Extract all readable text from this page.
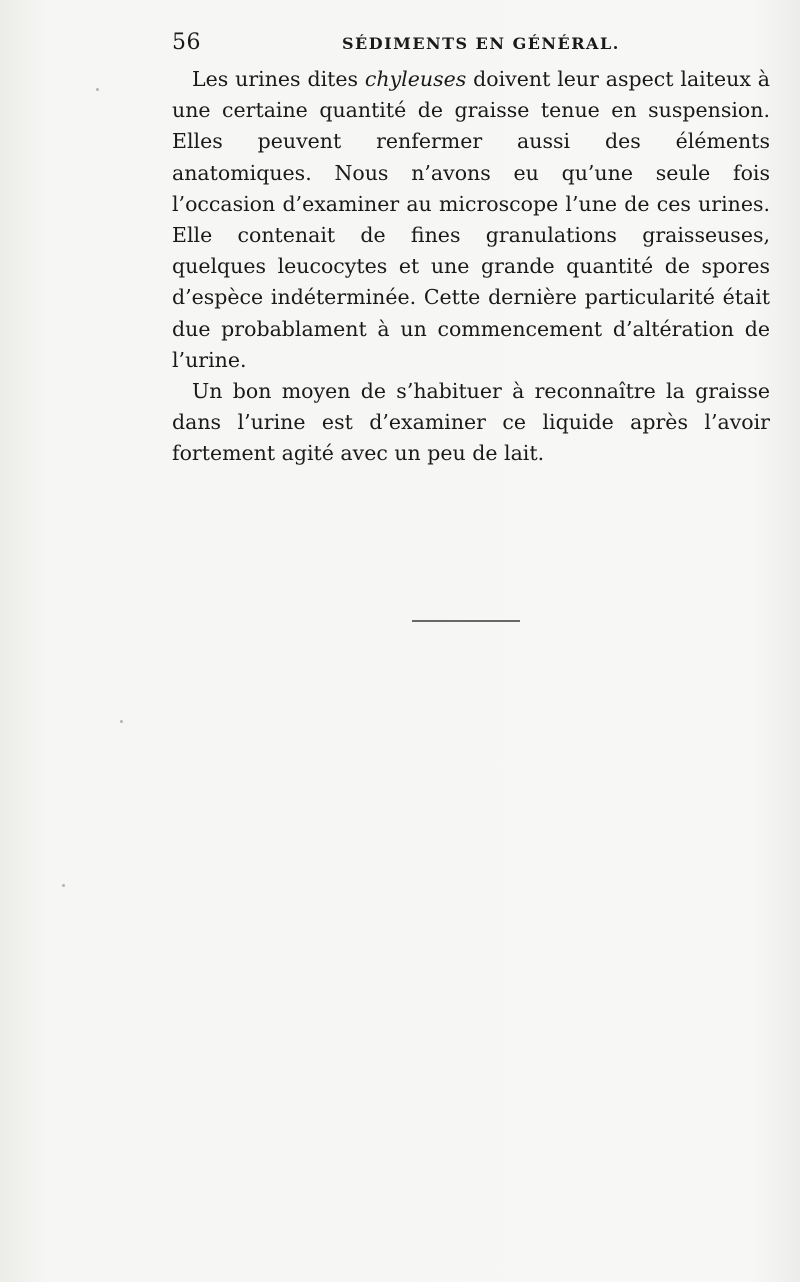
56	SÉDIMENTS EN GÉNÉRAL.

Les urines dites chyleuses doivent leur aspect laiteux à une certaine quantité de graisse tenue en suspension. Elles peuvent renfermer aussi des éléments anatomiques. Nous n’avons eu qu’une seule fois l’occasion d’examiner au microscope l’une de ces urines. Elle contenait de fines granulations graisseuses, quelques leucocytes et une grande quantité de spores d’espèce indéterminée. Cette dernière particularité était due probablament à un commencement d’altération de l’urine.

Un bon moyen de s’habituer à reconnaître la graisse dans l’urine est d’examiner ce liquide après l’avoir fortement agité avec un peu de lait.
